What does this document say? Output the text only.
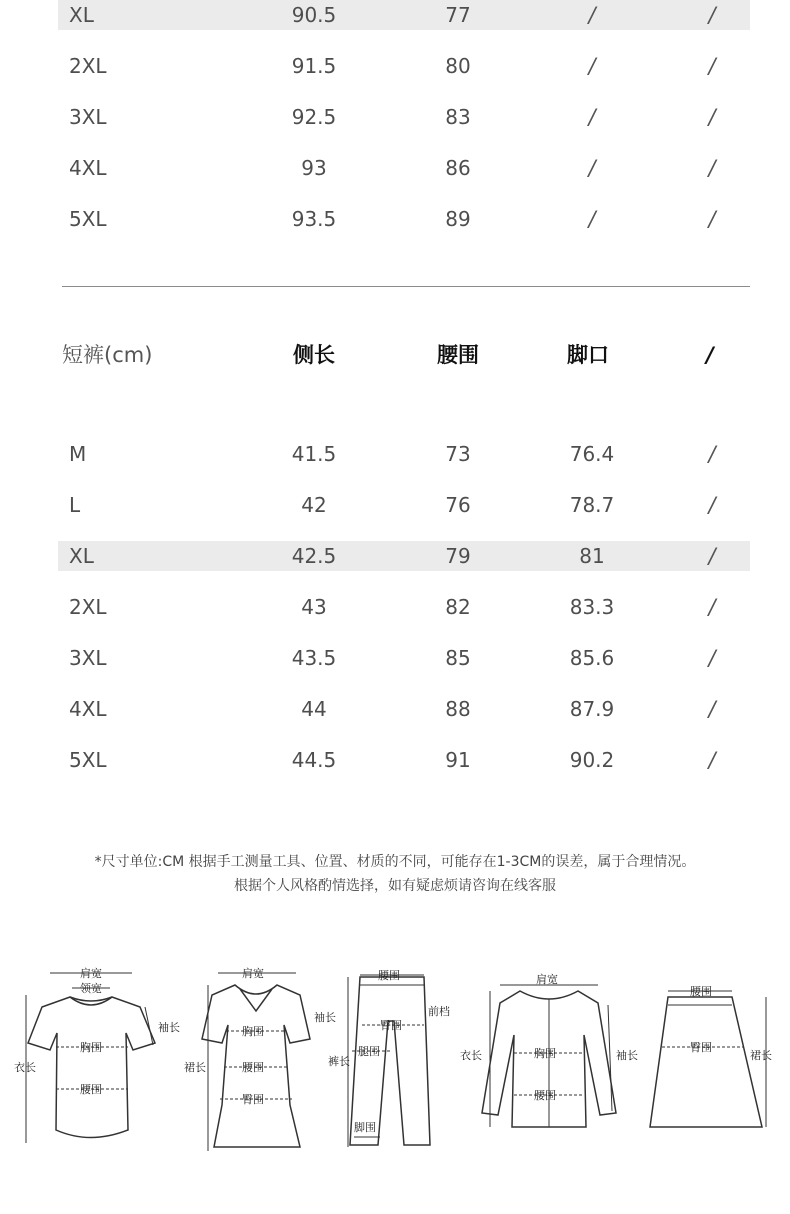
XL	90.5	77	/	/
2XL	91.5	80	/	/
3XL	92.5	83	/	/
4XL	93	86	/	/
5XL	93.5	89	/	/
短裤(cm)	侧长	腰围	脚口	/
M	41.5	73	76.4	/
L	42	76	78.7	/
XL	42.5	79	81	/
2XL	43	82	83.3	/
3XL	43.5	85	85.6	/
4XL	44	88	87.9	/
5XL	44.5	91	90.2	/
*尺寸单位:CM 根据手工测量工具、位置、材质的不同，可能存在1-3CM的误差，属于合理情况。
根据个人风格酌情选择，如有疑虑烦请咨询在线客服
肩宽
领宽
胸围
腰围
衣长
袖长
肩宽
胸围
腰围
臀围
裙长
袖长
腰围
前档
臀围
腿围
裤长
脚围
肩宽
胸围
腰围
衣长	袖长
腰围
臀围
裙长
